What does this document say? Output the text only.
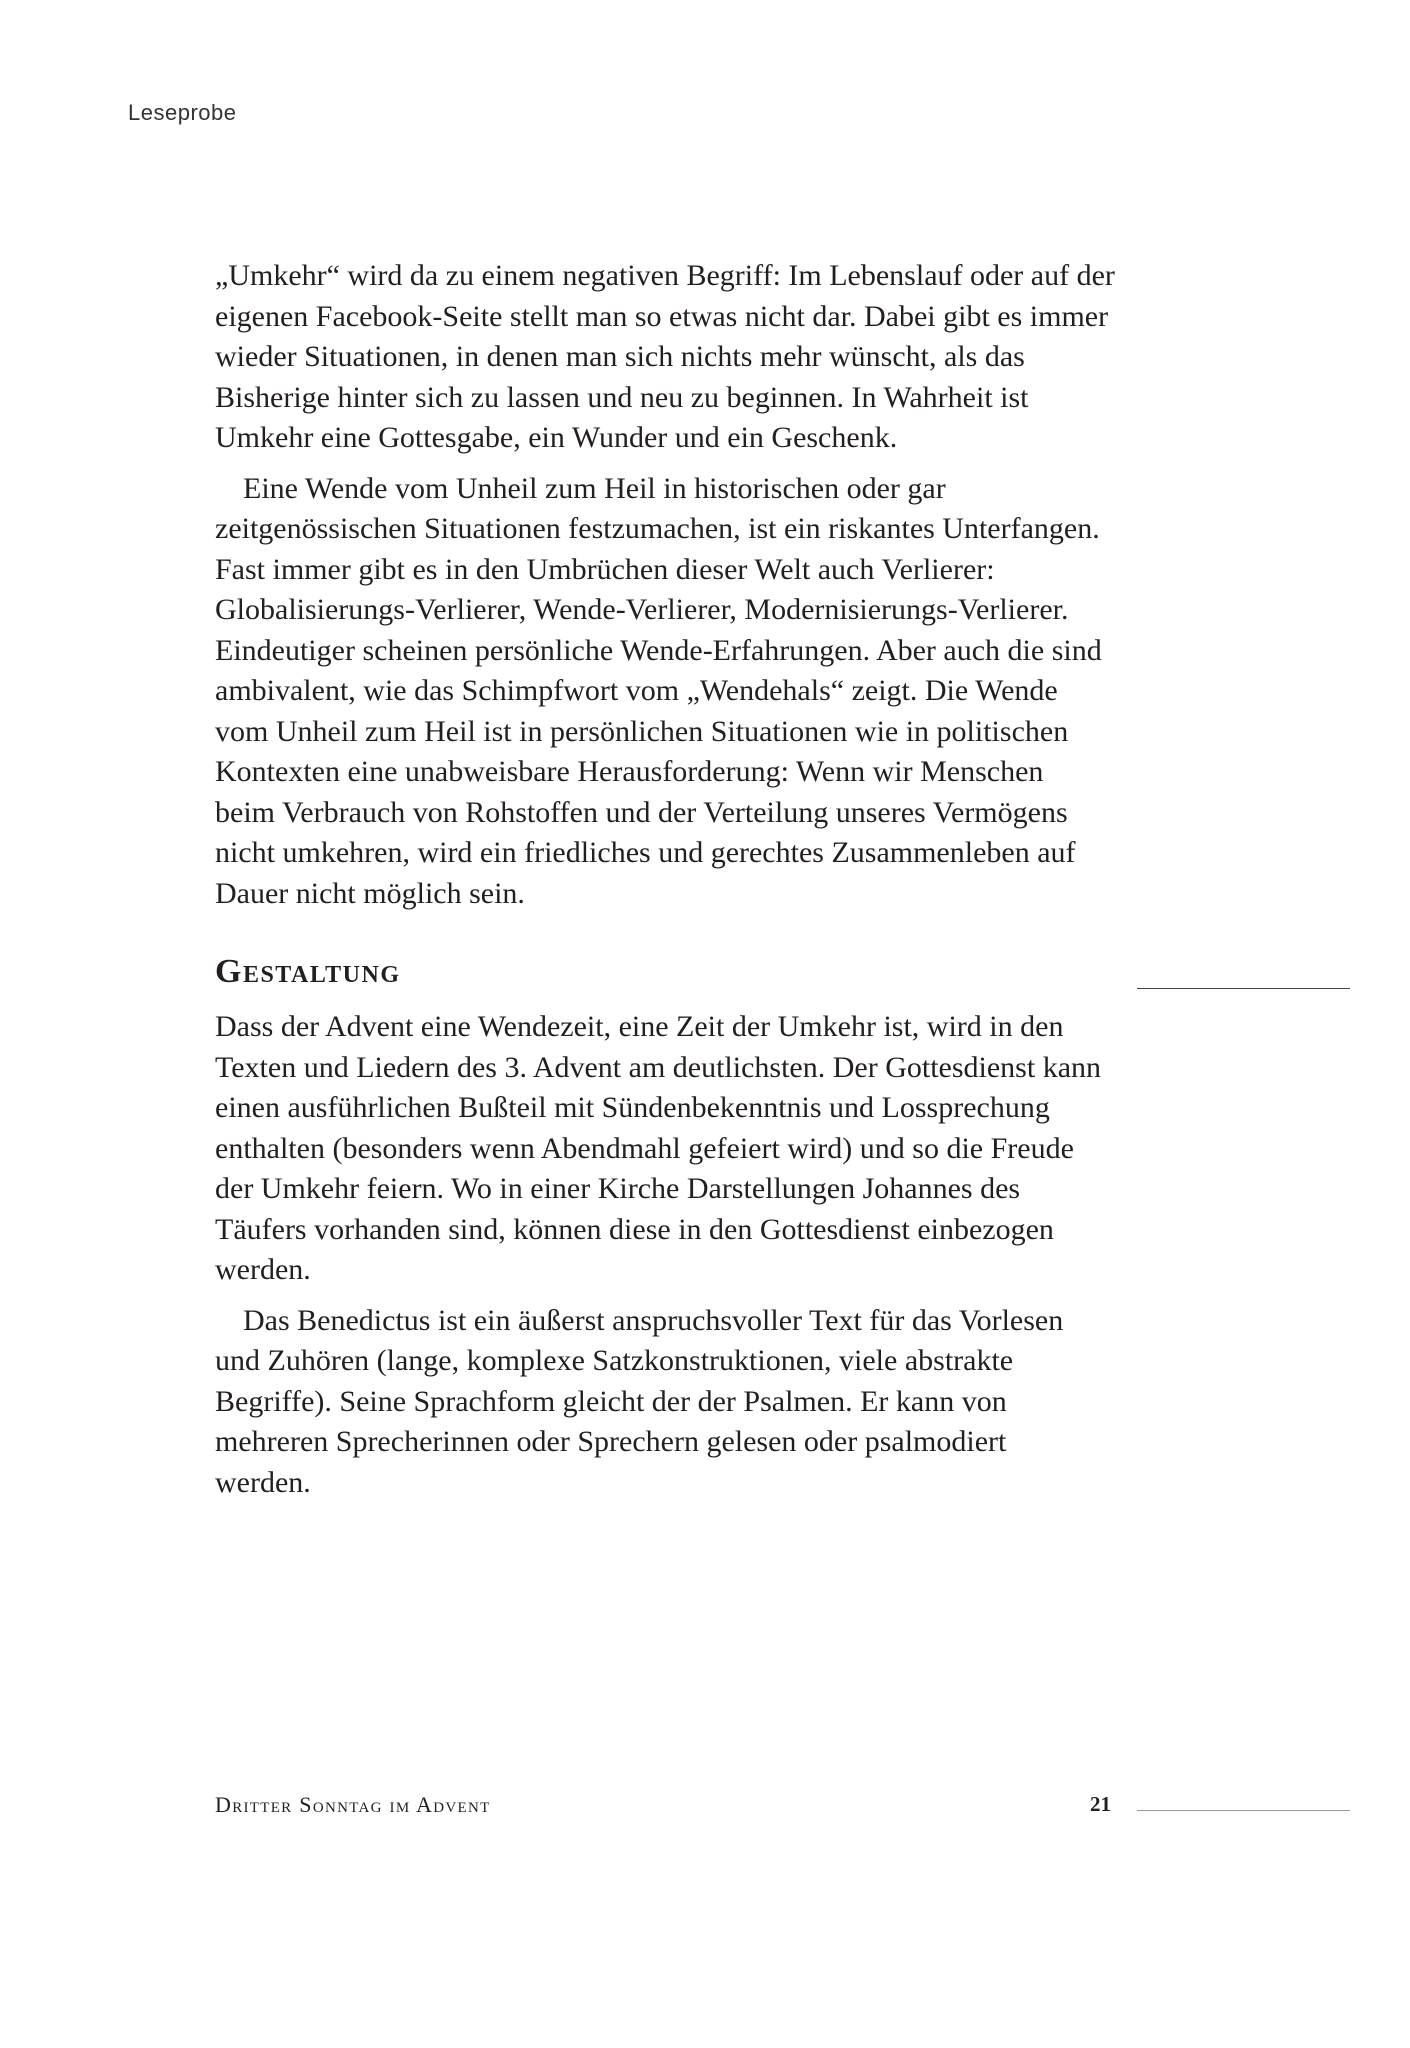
Leseprobe

„Umkehr“ wird da zu einem negativen Begriff: Im Lebenslauf oder auf der
eigenen Facebook-Seite stellt man so etwas nicht dar. Dabei gibt es immer
wieder Situationen, in denen man sich nichts mehr wünscht, als das
Bisherige hinter sich zu lassen und neu zu beginnen. In Wahrheit ist
Umkehr eine Gottesgabe, ein Wunder und ein Geschenk.

Eine Wende vom Unheil zum Heil in historischen oder gar
zeitgenössischen Situationen festzumachen, ist ein riskantes Unterfangen.
Fast immer gibt es in den Umbrüchen dieser Welt auch Verlierer:
Globalisierungs-Verlierer, Wende-Verlierer, Modernisierungs-Verlierer.
Eindeutiger scheinen persönliche Wende-Erfahrungen. Aber auch die sind
ambivalent, wie das Schimpfwort vom „Wendehals“ zeigt. Die Wende
vom Unheil zum Heil ist in persönlichen Situationen wie in politischen
Kontexten eine unabweisbare Herausforderung: Wenn wir Menschen
beim Verbrauch von Rohstoffen und der Verteilung unseres Vermögens
nicht umkehren, wird ein friedliches und gerechtes Zusammenleben auf
Dauer nicht möglich sein.

Gestaltung

Dass der Advent eine Wendezeit, eine Zeit der Umkehr ist, wird in den
Texten und Liedern des 3. Advent am deutlichsten. Der Gottesdienst kann
einen ausführlichen Bußteil mit Sündenbekenntnis und Lossprechung
enthalten (besonders wenn Abendmahl gefeiert wird) und so die Freude
der Umkehr feiern. Wo in einer Kirche Darstellungen Johannes des
Täufers vorhanden sind, können diese in den Gottesdienst einbezogen
werden.

Das Benedictus ist ein äußerst anspruchsvoller Text für das Vorlesen
und Zuhören (lange, komplexe Satzkonstruktionen, viele abstrakte
Begriffe). Seine Sprachform gleicht der der Psalmen. Er kann von
mehreren Sprecherinnen oder Sprechern gelesen oder psalmodiert
werden.

Dritter Sonntag im Advent	21
